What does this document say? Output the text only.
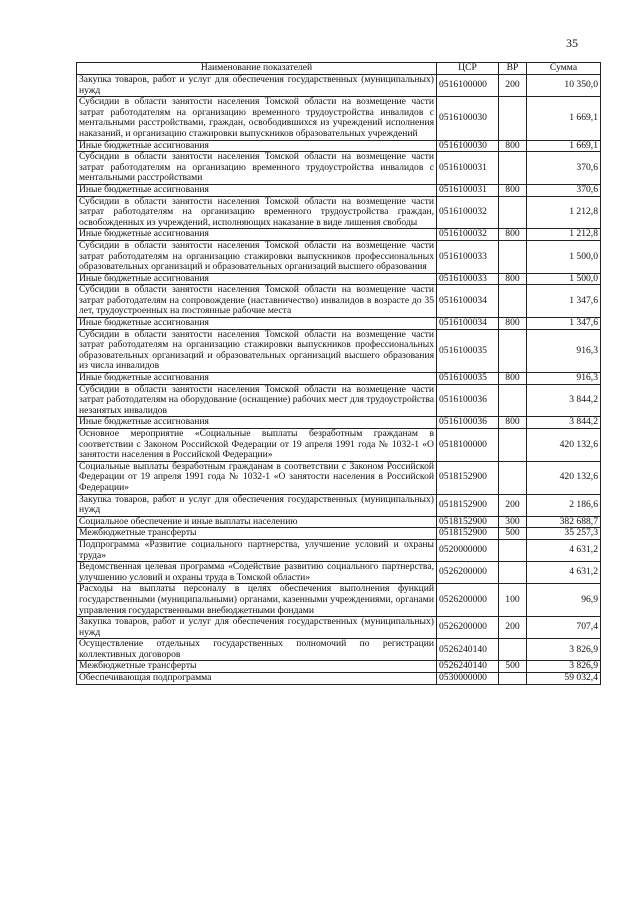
35
Наименование показателей	ЦСР	ВР	Сумма
Закупка товаров, работ и услуг для обеспечения государственных (муниципальных) нужд	0516100000	200	10 350,0
Субсидии в области занятости населения Томской области на возмещение части затрат работодателям на организацию временного трудоустройства инвалидов с ментальными расстройствами, граждан, освободившихся из учреждений исполнения наказаний, и организацию стажировки выпускников образовательных учреждений	0516100030		1 669,1
Иные бюджетные ассигнования	0516100030	800	1 669,1
Субсидии в области занятости населения Томской области на возмещение части затрат работодателям на организацию временного трудоустройства инвалидов с ментальными расстройствами	0516100031		370,6
Иные бюджетные ассигнования	0516100031	800	370,6
Субсидии в области занятости населения Томской области на возмещение части затрат работодателям на организацию временного трудоустройства граждан, освобожденных из учреждений, исполняющих наказание в виде лишения свободы	0516100032		1 212,8
Иные бюджетные ассигнования	0516100032	800	1 212,8
Субсидии в области занятости населения Томской области на возмещение части затрат работодателям на организацию стажировки выпускников профессиональных образовательных организаций и образовательных организаций высшего образования	0516100033		1 500,0
Иные бюджетные ассигнования	0516100033	800	1 500,0
Субсидии в области занятости населения Томской области на возмещение части затрат работодателям на сопровождение (наставничество) инвалидов в возрасте до 35 лет, трудоустроенных на постоянные рабочие места	0516100034		1 347,6
Иные бюджетные ассигнования	0516100034	800	1 347,6
Субсидии в области занятости населения Томской области на возмещение части затрат работодателям на организацию стажировки выпускников профессиональных образовательных организаций и образовательных организаций высшего образования из числа инвалидов	0516100035		916,3
Иные бюджетные ассигнования	0516100035	800	916,3
Субсидии в области занятости населения Томской области на возмещение части затрат работодателям на оборудование (оснащение) рабочих мест для трудоустройства незанятых инвалидов	0516100036		3 844,2
Иные бюджетные ассигнования	0516100036	800	3 844,2
Основное мероприятие «Социальные выплаты безработным гражданам в соответствии с Законом Российской Федерации от 19 апреля 1991 года № 1032-1 «О занятости населения в Российской Федерации»	0518100000		420 132,6
Социальные выплаты безработным гражданам в соответствии с Законом Российской Федерации от 19 апреля 1991 года № 1032-1 «О занятости населения в Российской Федерации»	0518152900		420 132,6
Закупка товаров, работ и услуг для обеспечения государственных (муниципальных) нужд	0518152900	200	2 186,6
Социальное обеспечение и иные выплаты населению	0518152900	300	382 688,7
Межбюджетные трансферты	0518152900	500	35 257,3
Подпрограмма «Развитие социального партнерства, улучшение условий и охраны труда»	0520000000		4 631,2
Ведомственная целевая программа «Содействие развитию социального партнерства, улучшению условий и охраны труда в Томской области»	0526200000		4 631,2
Расходы на выплаты персоналу в целях обеспечения выполнения функций государственными (муниципальными) органами, казенными учреждениями, органами управления государственными внебюджетными фондами	0526200000	100	96,9
Закупка товаров, работ и услуг для обеспечения государственных (муниципальных) нужд	0526200000	200	707,4
Осуществление отдельных государственных полномочий по регистрации коллективных договоров	0526240140		3 826,9
Межбюджетные трансферты	0526240140	500	3 826,9
Обеспечивающая подпрограмма	0530000000		59 032,4
